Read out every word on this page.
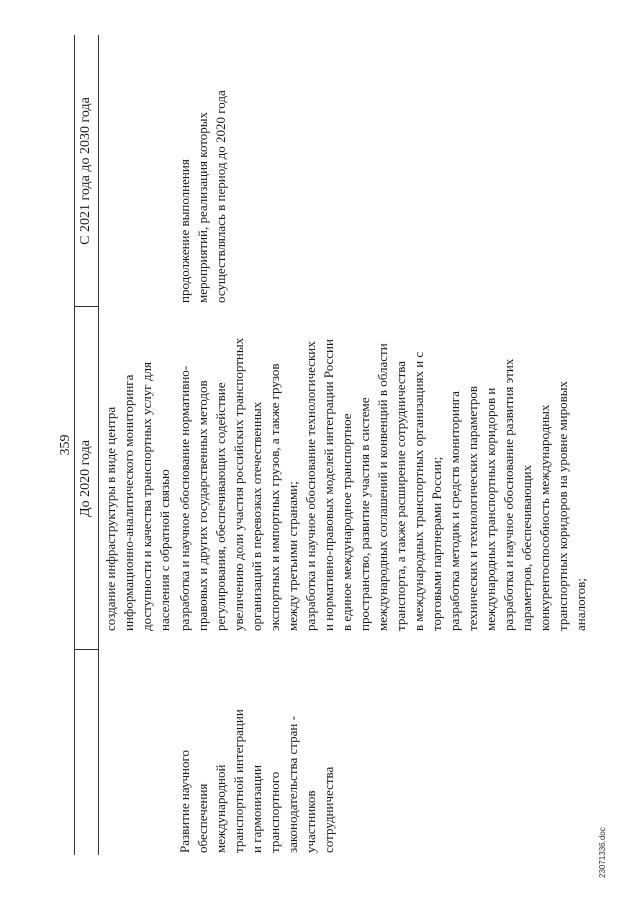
359 До 2020 года
С 2021 года до 2030 года
создание инфраструктуры в виде центра информационно-аналитического мониторинга доступности и качества транспортных услуг для населения с обратной связью
Развитие научного обеспечения международной транспортной интеграции и гармонизации транспортного законодательства стран - участников сотрудничества
разработка и научное обоснование нормативно- правовых и других государственных методов регулирования, обеспечивающих содействие увеличению доли участия российских транспортных организаций в перевозках отечественных экспортных и импортных грузов, а также грузов между третьими странами; разработка и научное обоснование технологических и нормативно-правовых моделей интеграции России в единое международное транспортное пространство, развитие участия в системе международных соглашений и конвенций в области транспорта, а также расширение сотрудничества в международных транспортных организациях и с торговыми партнерами России; разработка методик и средств мониторинга технических и технологических параметров международных транспортных коридоров и разработка и научное обоснование развития этих параметров, обеспечивающих конкурентоспособность международных транспортных коридоров на уровне мировых аналогов;
продолжение выполнения мероприятий, реализация которых осуществлялась в период до 2020 года
23071336.doc
